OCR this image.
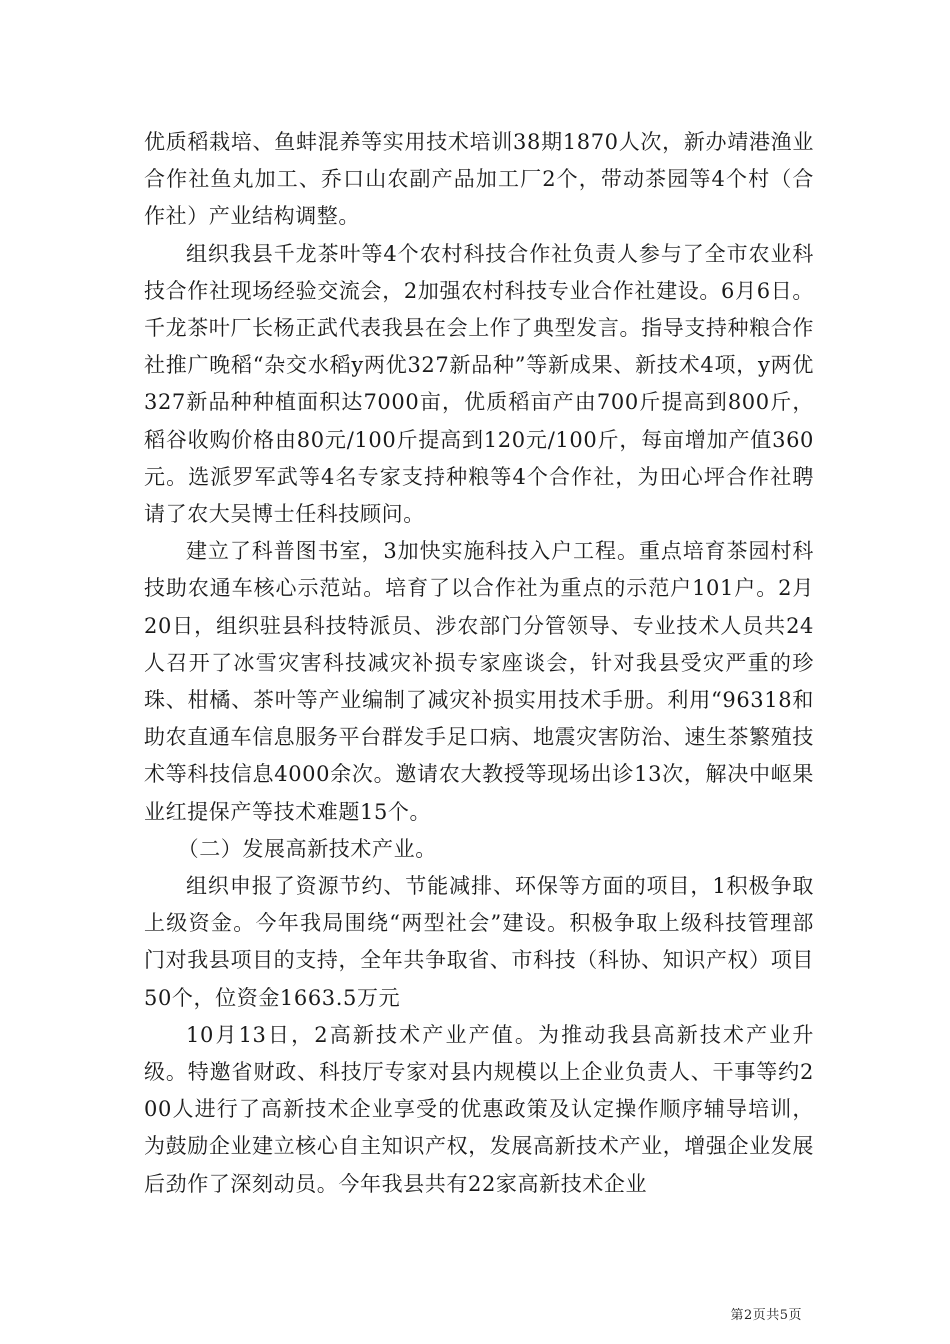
优质稻栽培、鱼蚌混养等实用技术培训38期1870人次，新办靖港渔业合作社鱼丸加工、乔口山农副产品加工厂2个，带动茶园等4个村（合作社）产业结构调整。

组织我县千龙茶叶等4个农村科技合作社负责人参与了全市农业科技合作社现场经验交流会，2加强农村科技专业合作社建设。6月6日。千龙茶叶厂长杨正武代表我县在会上作了典型发言。指导支持种粮合作社推广晚稻“杂交水稻y两优327新品种”等新成果、新技术4项，y两优327新品种种植面积达7000亩，优质稻亩产由700斤提高到800斤，稻谷收购价格由80元/100斤提高到120元/100斤，每亩增加产值360元。选派罗军武等4名专家支持种粮等4个合作社，为田心坪合作社聘请了农大吴博士任科技顾问。

建立了科普图书室，3加快实施科技入户工程。重点培育茶园村科技助农通车核心示范站。培育了以合作社为重点的示范户101户。2月20日，组织驻县科技特派员、涉农部门分管领导、专业技术人员共24人召开了冰雪灾害科技减灾补损专家座谈会，针对我县受灾严重的珍珠、柑橘、茶叶等产业编制了减灾补损实用技术手册。利用“96318和助农直通车信息服务平台群发手足口病、地震灾害防治、速生茶繁殖技术等科技信息4000余次。邀请农大教授等现场出诊13次，解决中岖果业红提保产等技术难题15个。

（二）发展高新技术产业。

组织申报了资源节约、节能减排、环保等方面的项目，1积极争取上级资金。今年我局围绕“两型社会”建设。积极争取上级科技管理部门对我县项目的支持，全年共争取省、市科技（科协、知识产权）项目50个，位资金1663.5万元

10月13日，2高新技术产业产值。为推动我县高新技术产业升级。特邀省财政、科技厅专家对县内规模以上企业负责人、干事等约200人进行了高新技术企业享受的优惠政策及认定操作顺序辅导培训，为鼓励企业建立核心自主知识产权，发展高新技术产业，增强企业发展后劲作了深刻动员。今年我县共有22家高新技术企业

第2页共5页
